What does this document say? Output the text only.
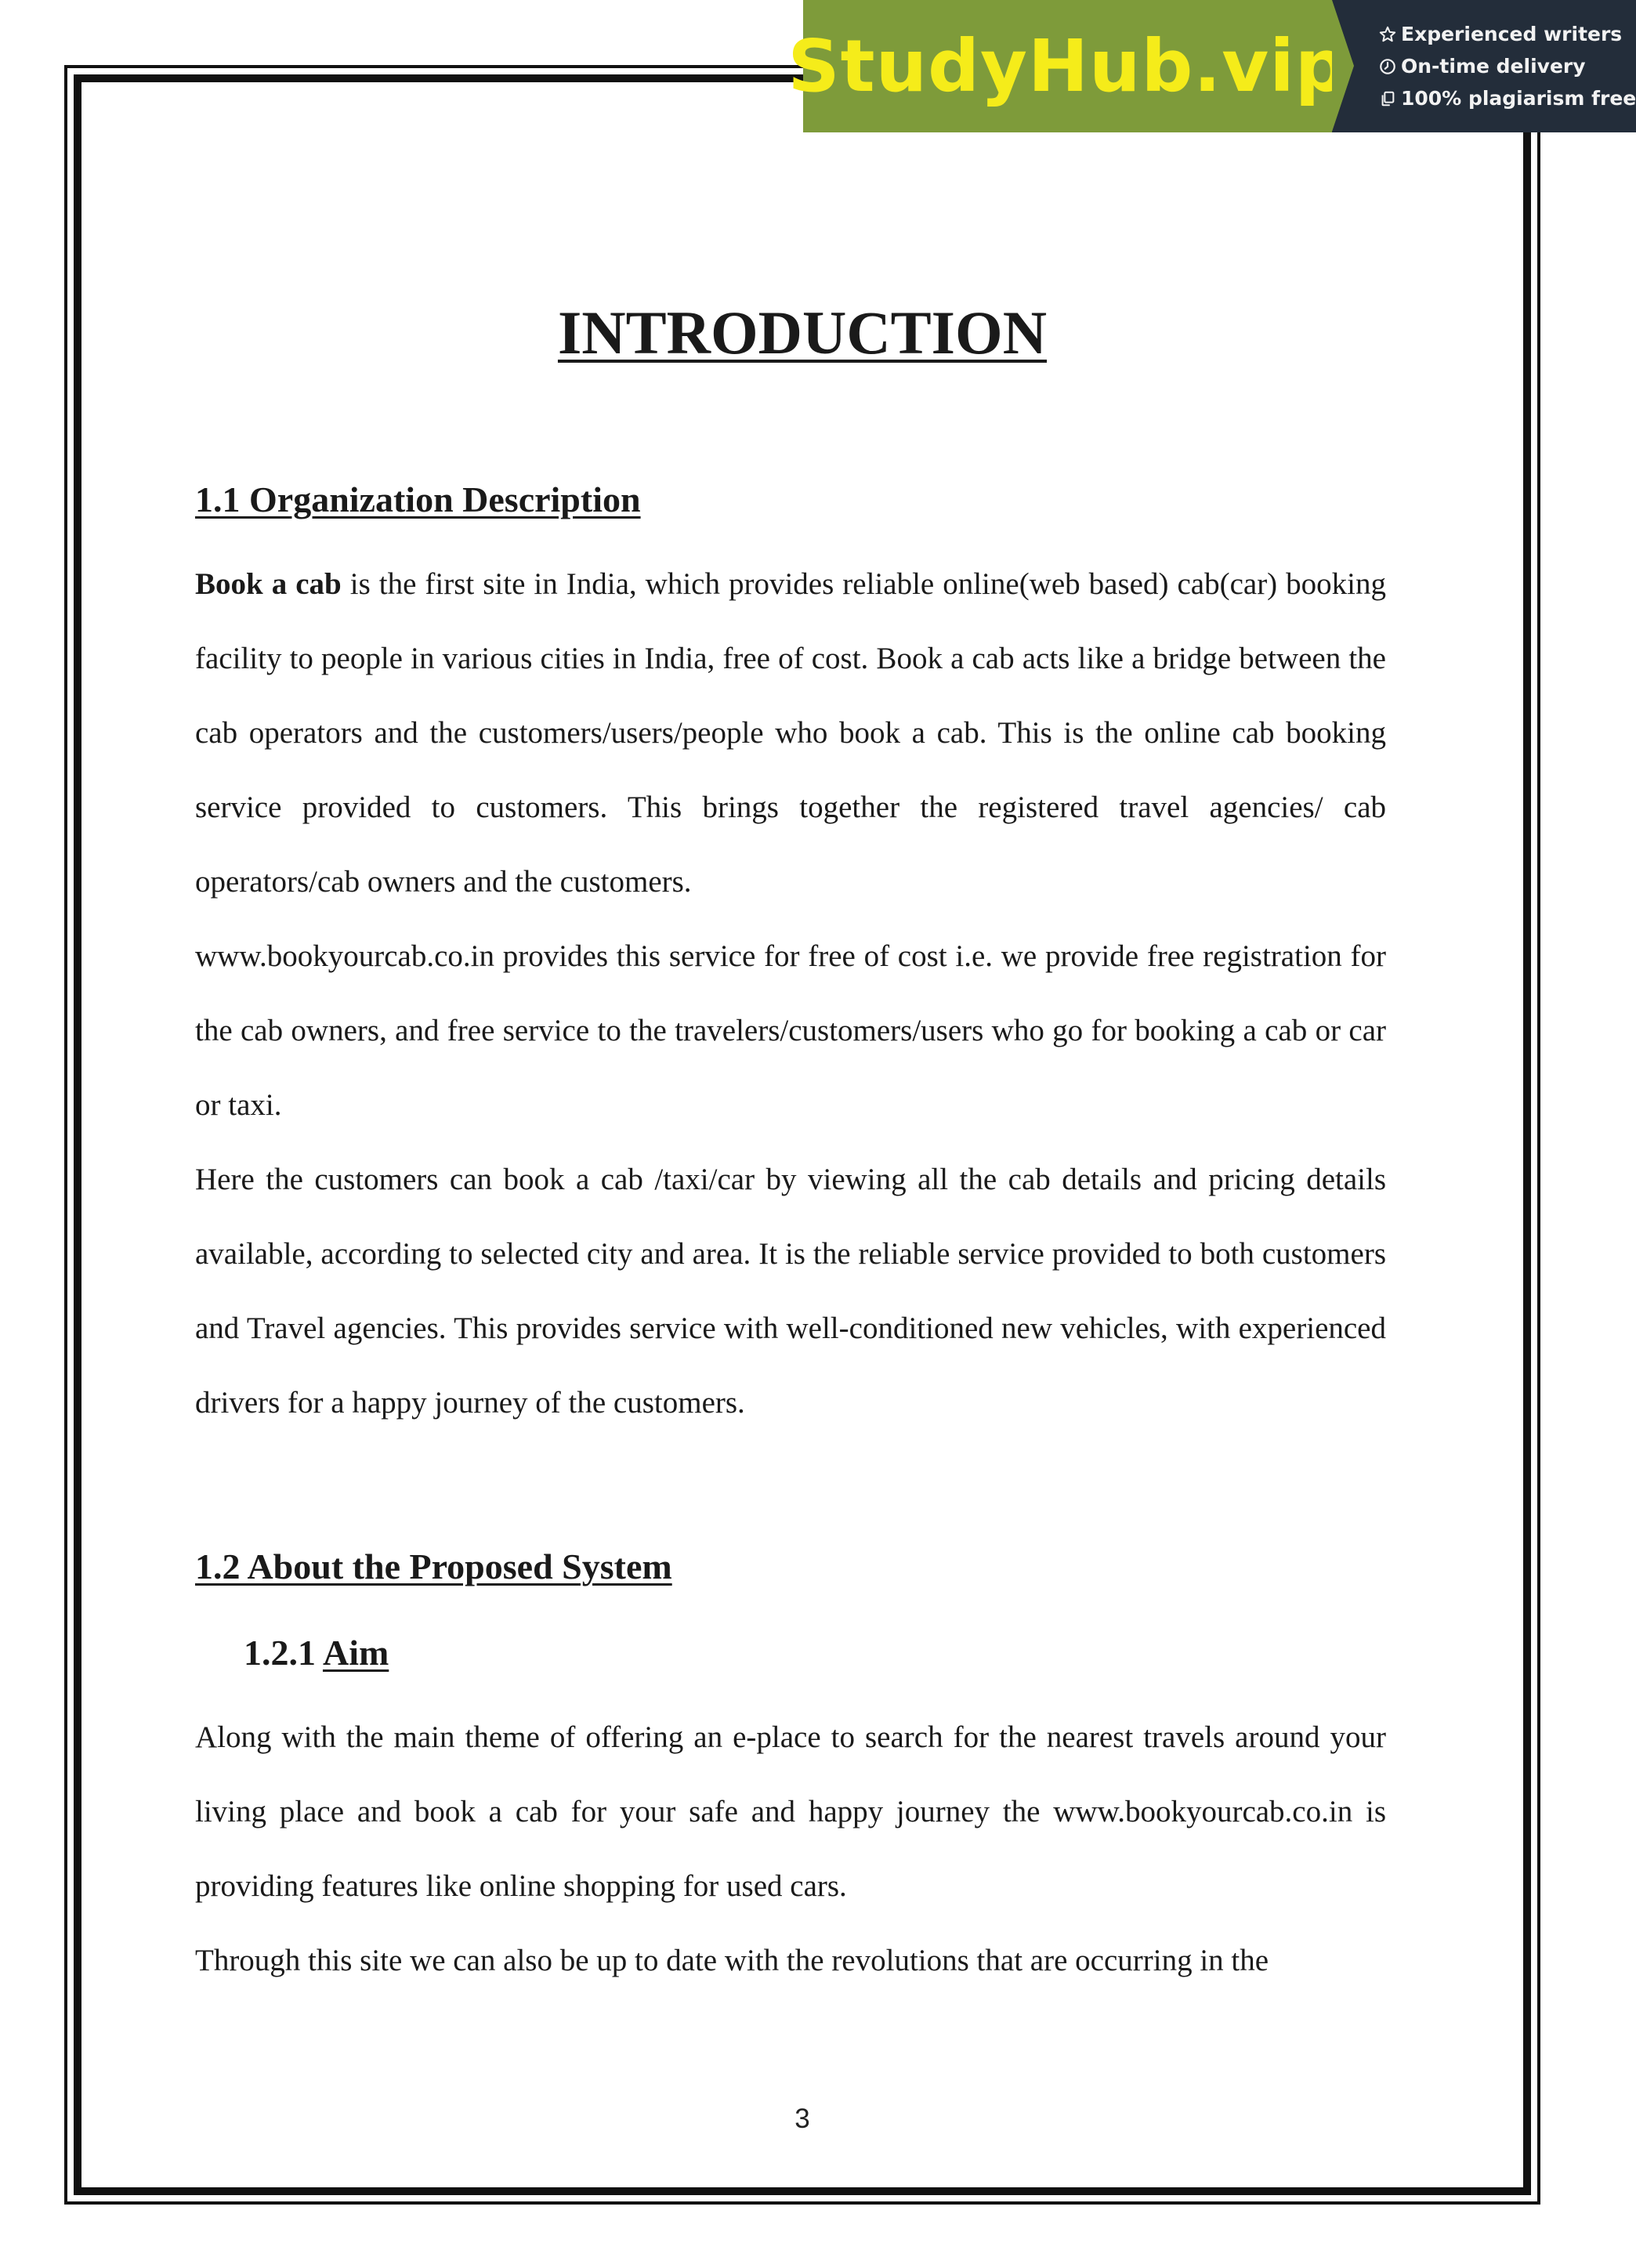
StudyHub.vip	Experienced writers
On-time delivery
100% plagiarism free
INTRODUCTION
1.1 Organization Description

Book a cab is the first site in India, which provides reliable online(web based) cab(car) booking facility to people in various cities in India, free of cost. Book a cab acts like a bridge between the cab operators and the customers/users/people who book a cab. This is the online cab booking service provided to customers. This brings together the registered travel agencies/ cab operators/cab owners and the customers.

www.bookyourcab.co.in provides this service for free of cost i.e. we provide free registration for the cab owners, and free service to the travelers/customers/users who go for booking a cab or car or taxi.

Here the customers can book a cab /taxi/car by viewing all the cab details and pricing details available, according to selected city and area. It is the reliable service provided to both customers and Travel agencies. This provides service with well-conditioned new vehicles, with experienced drivers for a happy journey of the customers.

1.2 About the Proposed System
1.2.1 Aim

Along with the main theme of offering an e-place to search for the nearest travels around your living place and book a cab for your safe and happy journey the www.bookyourcab.co.in is providing features like online shopping for used cars.

Through this site we can also be up to date with the revolutions that are occurring in the

3
